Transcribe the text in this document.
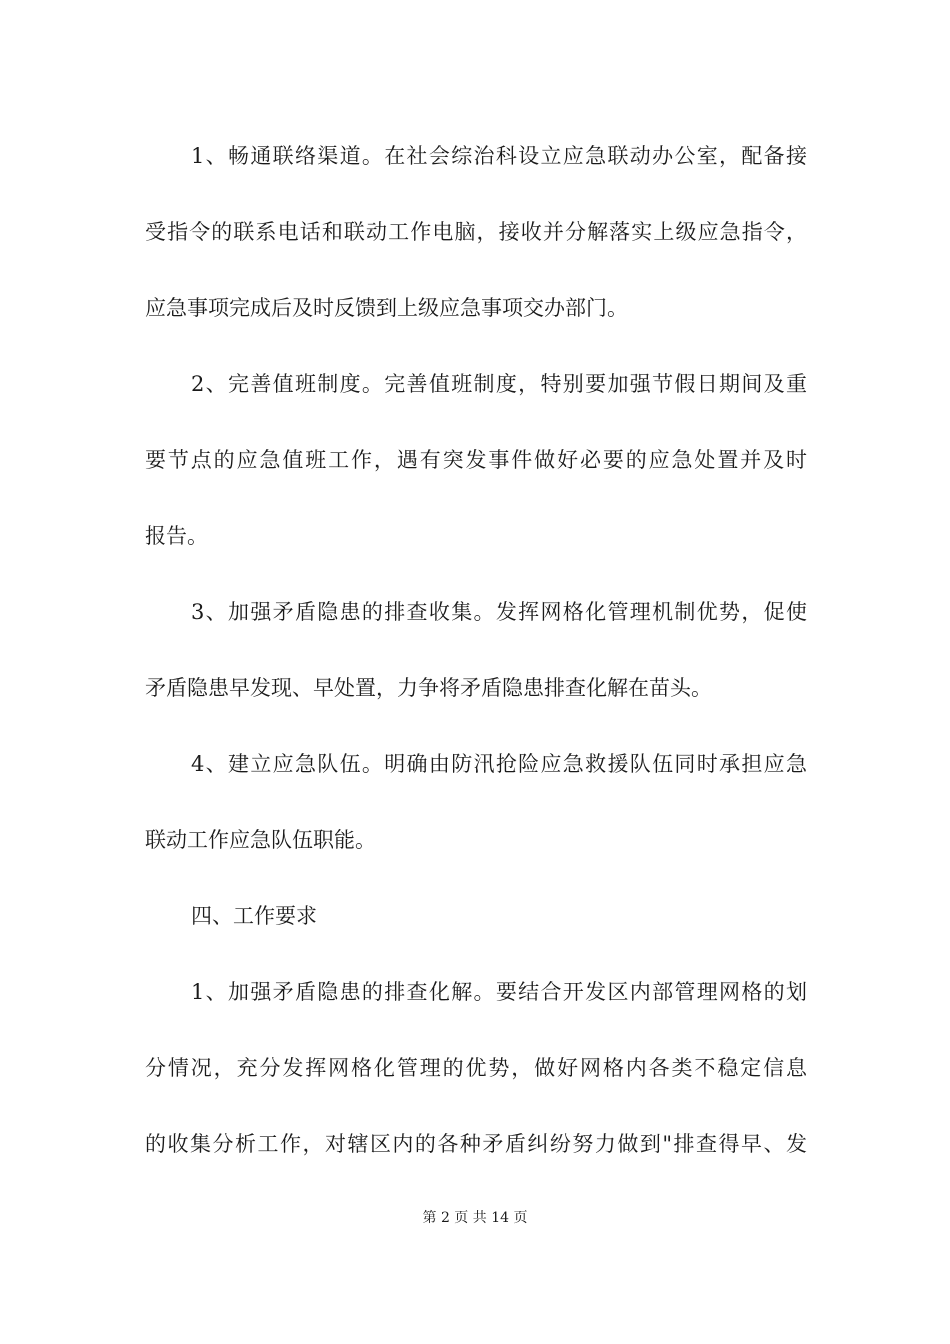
1、畅通联络渠道。在社会综治科设立应急联动办公室，配备接
受指令的联系电话和联动工作电脑，接收并分解落实上级应急指令，
应急事项完成后及时反馈到上级应急事项交办部门。
2、完善值班制度。完善值班制度，特别要加强节假日期间及重
要节点的应急值班工作，遇有突发事件做好必要的应急处置并及时
报告。
3、加强矛盾隐患的排查收集。发挥网格化管理机制优势，促使
矛盾隐患早发现、早处置，力争将矛盾隐患排查化解在苗头。
4、建立应急队伍。明确由防汛抢险应急救援队伍同时承担应急
联动工作应急队伍职能。
四、工作要求
1、加强矛盾隐患的排查化解。要结合开发区内部管理网格的划
分情况，充分发挥网格化管理的优势，做好网格内各类不稳定信息
的收集分析工作，对辖区内的各种矛盾纠纷努力做到"排查得早、发
第 2 页 共 14 页
